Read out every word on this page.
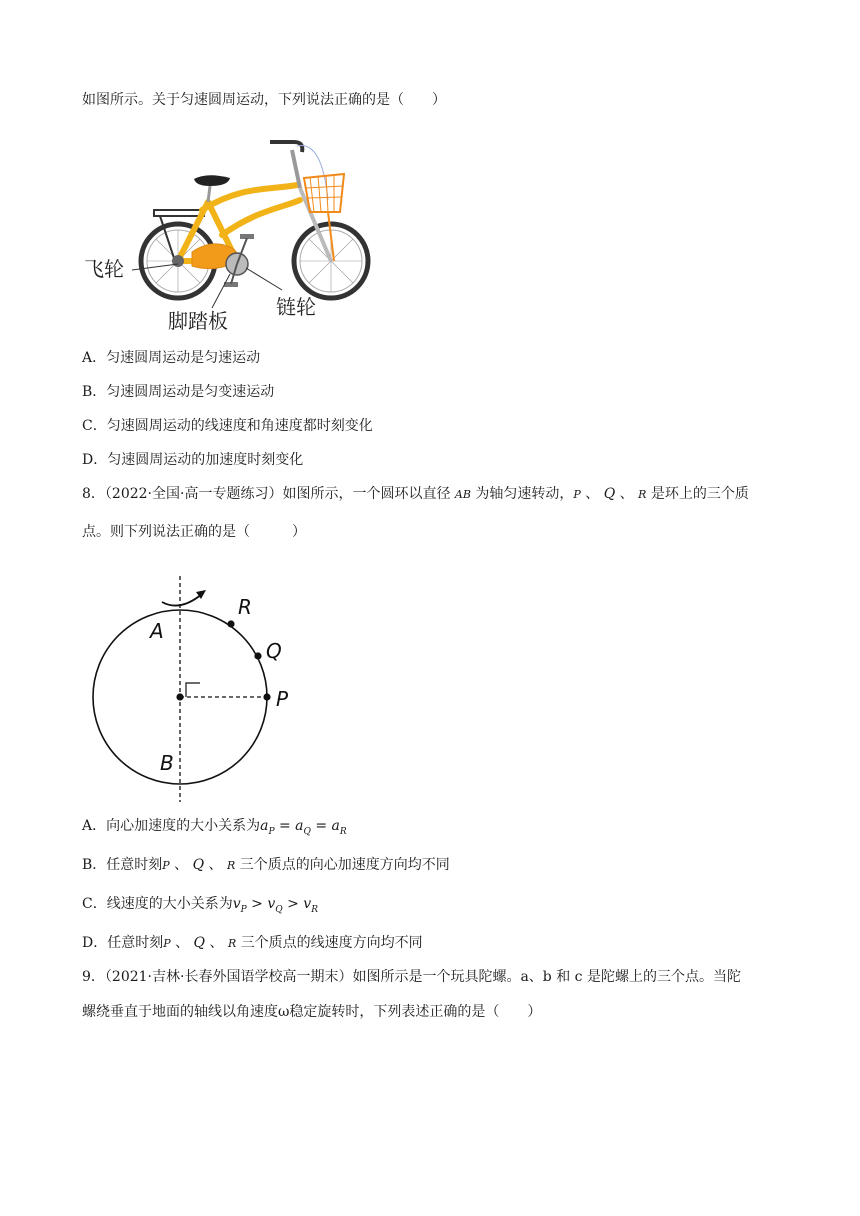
如图所示。关于匀速圆周运动，下列说法正确的是（　　）
飞轮
脚踏板
链轮
A．匀速圆周运动是匀速运动
B．匀速圆周运动是匀变速运动
C．匀速圆周运动的线速度和角速度都时刻变化
D．匀速圆周运动的加速度时刻变化
8．（2022·全国·高一专题练习）如图所示，一个圆环以直径 AB 为轴匀速转动，P 、 Q 、 R 是环上的三个质
点。则下列说法正确的是（　　　）
A
B
R
Q
P
A．向心加速度的大小关系为$a_P = a_Q = a_R$
B．任意时刻P 、 Q 、 R 三个质点的向心加速度方向均不同
C．线速度的大小关系为$v_P > v_Q > v_R$
D．任意时刻P 、 Q 、 R 三个质点的线速度方向均不同
9．（2021·吉林·长春外国语学校高一期末）如图所示是一个玩具陀螺。a、b 和 c 是陀螺上的三个点。当陀
螺绕垂直于地面的轴线以角速度ω稳定旋转时，下列表述正确的是（　　）
